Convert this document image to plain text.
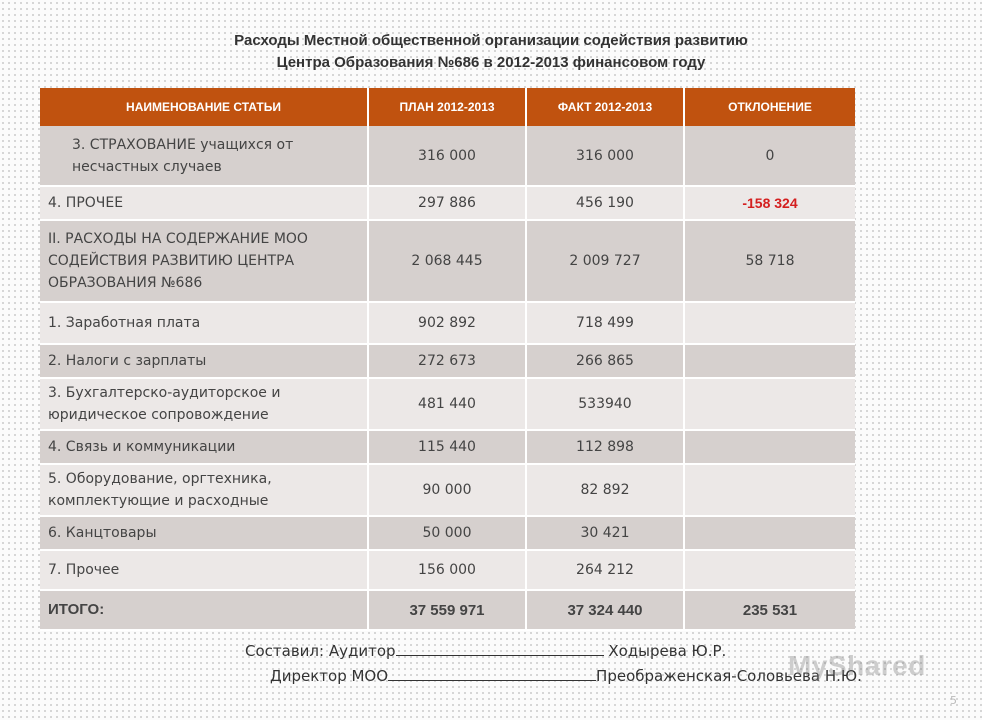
Расходы Местной общественной организации содействия развитию
Центра Образования №686 в 2012-2013 финансовом году
НАИМЕНОВАНИЕ СТАТЬИ	ПЛАН 2012-2013	ФАКТ 2012-2013	ОТКЛОНЕНИЕ
3. СТРАХОВАНИЕ учащихся от несчастных случаев	316 000	316 000	0
4. ПРОЧЕЕ	297 886	456 190	-158 324
II. РАСХОДЫ НА СОДЕРЖАНИЕ МОО СОДЕЙСТВИЯ РАЗВИТИЮ ЦЕНТРА ОБРАЗОВАНИЯ №686	2 068 445	2 009 727	58 718
1. Заработная плата	902 892	718 499	
2. Налоги с зарплаты	272 673	266 865	
3. Бухгалтерско-аудиторское и юридическое сопровождение	481 440	533940	
4. Связь и коммуникации	115 440	112 898	
5. Оборудование, оргтехника, комплектующие и расходные	90 000	82 892	
6. Канцтовары	50 000	30 421	
7. Прочее	156 000	264 212	
ИТОГО:	37 559 971	37 324 440	235 531
Составил: Аудитор	Ходырева Ю.Р.
Директор МОО	Преображенская-Соловьева Н.Ю.
MyShared
5
